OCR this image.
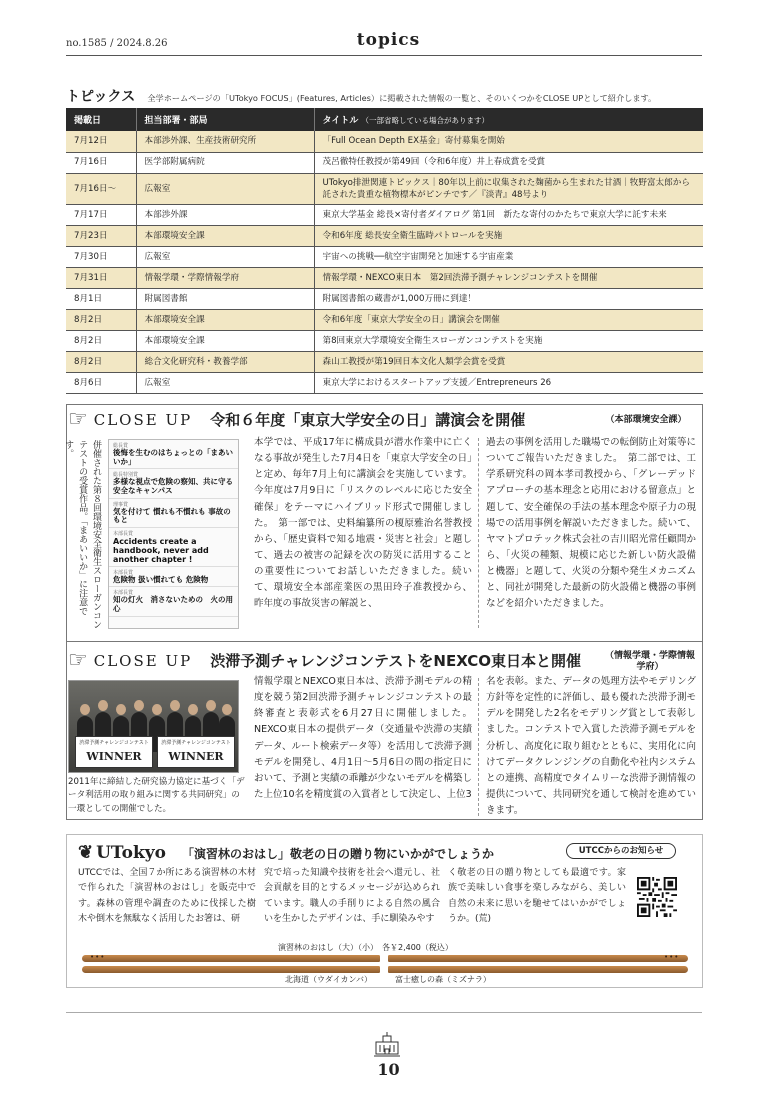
no.1585 / 2024.8.26	topics
トピックス 全学ホームページの「UTokyo FOCUS」(Features, Articles）に掲載された情報の一覧と、そのいくつかをCLOSE UPとして紹介します。
掲載日	担当部署・部局	タイトル （一部省略している場合があります）
7月12日	本部渉外課、生産技術研究所	「Full Ocean Depth EX基金」寄付募集を開始
7月16日	医学部附属病院	茂呂徹特任教授が第49回（令和6年度）井上春成賞を受賞
7月16日〜	広報室	UTokyo排泄関連トピックス｜80年以上前に収集された麹菌から生まれた甘酒｜牧野富太郎から託された貴重な植物標本がピンチです／『淡青』48号より
7月17日	本部渉外課	東京大学基金 総長×寄付者ダイアログ 第1回　新たな寄付のかたちで東京大学に託す未来
7月23日	本部環境安全課	令和6年度 総長安全衛生臨時パトロールを実施
7月30日	広報室	宇宙への挑戦──航空宇宙開発と加速する宇宙産業
7月31日	情報学環・学際情報学府	情報学環・NEXCO東日本　第2回渋滞予測チャレンジコンテストを開催
8月1日	附属図書館	附属図書館の蔵書が1,000万冊に到達！
8月2日	本部環境安全課	令和6年度「東京大学安全の日」講演会を開催
8月2日	本部環境安全課	第8回東京大学環境安全衛生スローガンコンテストを実施
8月2日	総合文化研究科・教養学部	森山工教授が第19回日本文化人類学会賞を受賞
8月6日	広報室	東京大学におけるスタートアップ支援／Entrepreneurs 26
☞ CLOSE UP 令和６年度「東京大学安全の日」講演会を開催	（本部環境安全課）
併催された第８回環境安全衛生スローガンコンテストの受賞作品。「まあいいか」に注意です。	総長賞
後悔を生むのはちょっとの「まあいいか」
総長特別賞
多様な視点で危険の察知、共に守る安全なキャンパス
理事賞
気を付けて 慣れも不慣れも 事故のもと
本部長賞
Accidents create a handbook, never add another chapter !
本部長賞
危険物 扱い慣れても 危険物
本部長賞
知の灯火　消さないための　火の用心
本学では、平成17年に構成員が潜水作業中に亡くなる事故が発生した7月4日を「東京大学安全の日」と定め、毎年7月上旬に講演会を実施しています。今年度は7月9日に「リスクのレベルに応じた安全確保」をテーマにハイブリッド形式で開催しました。　第一部では、史料編纂所の榎原雅治名誉教授から、「歴史資料で知る地震・災害と社会」と題して、過去の被害の記録を次の防災に活用することの重要性についてお話しいただきました。続いて、環境安全本部産業医の黒田玲子准教授から、昨年度の事故災害の解説と、
過去の事例を活用した職場での転倒防止対策等についてご報告いただきました。　第二部では、工学系研究科の岡本孝司教授から、「グレーデッドアプローチの基本理念と応用における留意点」と題して、安全確保の手法の基本理念や原子力の現場での活用事例を解説いただきました。続いて、ヤマトプロテック株式会社の吉川昭光常任顧問から、「火災の種類、規模に応じた新しい防火設備と機器」と題して、火災の分類や発生メカニズムと、同社が開発した最新の防火設備と機器の事例などを紹介いただきました。
☞ CLOSE UP 渋滞予測チャレンジコンテストをNEXCO東日本と開催	（情報学環・学際情報学府）
渋滞予測チャレンジコンテスト
WINNER
渋滞予測チャレンジコンテスト
WINNER
2011年に締結した研究協力協定に基づく「データ利活用の取り組みに関する共同研究」の一環としての開催でした。
情報学環とNEXCO東日本は、渋滞予測モデルの精度を競う第2回渋滞予測チャレンジコンテストの最終審査と表彰式を6月27日に開催しました。NEXCO東日本の提供データ（交通量や渋滞の実績データ、ルート検索データ等）を活用して渋滞予測モデルを開発し、4月1日〜5月6日の間の指定日において、予測と実績の乖離が少ないモデルを構築した上位10名を精度賞の入賞者として決定し、上位3
名を表彰。また、データの処理方法やモデリング方針等を定性的に評価し、最も優れた渋滞予測モデルを開発した2名をモデリング賞として表彰しました。コンテストで入賞した渋滞予測モデルを分析し、高度化に取り組むとともに、実用化に向けてデータクレンジングの自動化や社内システムとの連携、高精度でタイムリーな渋滞予測情報の提供について、共同研究を通して検討を進めていきます。
❦ UTokyo 「演習林のおはし」敬老の日の贈り物にいかがでしょうか	UTCCからのお知らせ
UTCCでは、全国７か所にある演習林の木材で作られた「演習林のおはし」を販売中です。森林の管理や調査のために伐採した樹木や倒木を無駄なく活用したお箸は、研
究で培った知識や技術を社会へ還元し、社会貢献を目的とするメッセージが込められています。職人の手削りによる自然の風合いを生かしたデザインは、手に馴染みやす
く敬老の日の贈り物としても最適です。家族で美味しい食事を楽しみながら、美しい自然の未来に思いを馳せてはいかがでしょうか。(荒)
演習林のおはし（大）（小）　各￥2,400（税込）
•••	•••
北海道（ウダイカンバ）	富士癒しの森（ミズナラ）
10
